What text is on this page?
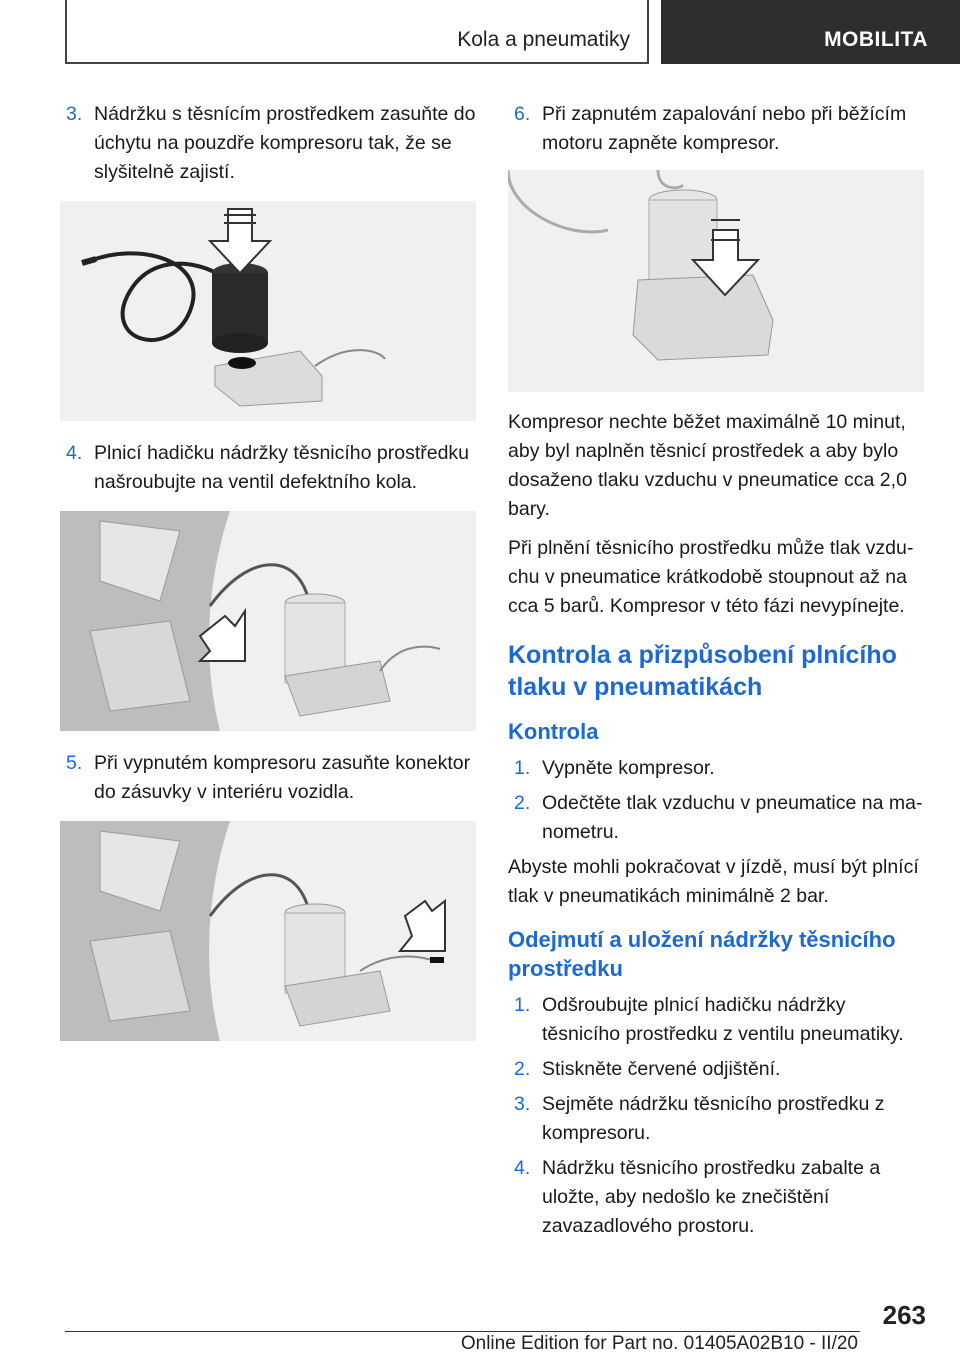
Kola a pneumatiky	MOBILITA
3. Nádržku s těsnícím prostředkem zasuňte do úchytu na pouzdře kompresoru tak, že se slyšitelně zajistí.
4. Plnicí hadičku nádržky těsnicího prostředku našroubujte na ventil defektního kola.
5. Při vypnutém kompresoru zasuňte konektor do zásuvky v interiéru vozidla.
6. Při zapnutém zapalování nebo při běžícím motoru zapněte kompresor.

Kompresor nechte běžet maximálně 10 minut, aby byl naplněn těsnicí prostředek a aby bylo dosaženo tlaku vzduchu v pneumatice cca 2,0 bary.

Při plnění těsnicího prostředku může tlak vzduchu v pneumatice krátkodobě stoupnout až na cca 5 barů. Kompresor v této fázi nevypínejte.

Kontrola a přizpůsobení plnícího tlaku v pneumatikách
Kontrola
1. Vypněte kompresor.
2. Odečtěte tlak vzduchu v pneumatice na manometru.

Abyste mohli pokračovat v jízdě, musí být plnící tlak v pneumatikách minimálně 2 bar.

Odejmutí a uložení nádržky těsnicího prostředku
1. Odšroubujte plnicí hadičku nádržky těsnicího prostředku z ventilu pneumatiky.
2. Stiskněte červené odjištění.
3. Sejměte nádržku těsnicího prostředku z kompresoru.
4. Nádržku těsnicího prostředku zabalte a uložte, aby nedošlo ke znečištění zavazadlového prostoru.
263
Online Edition for Part no. 01405A02B10 - II/20
